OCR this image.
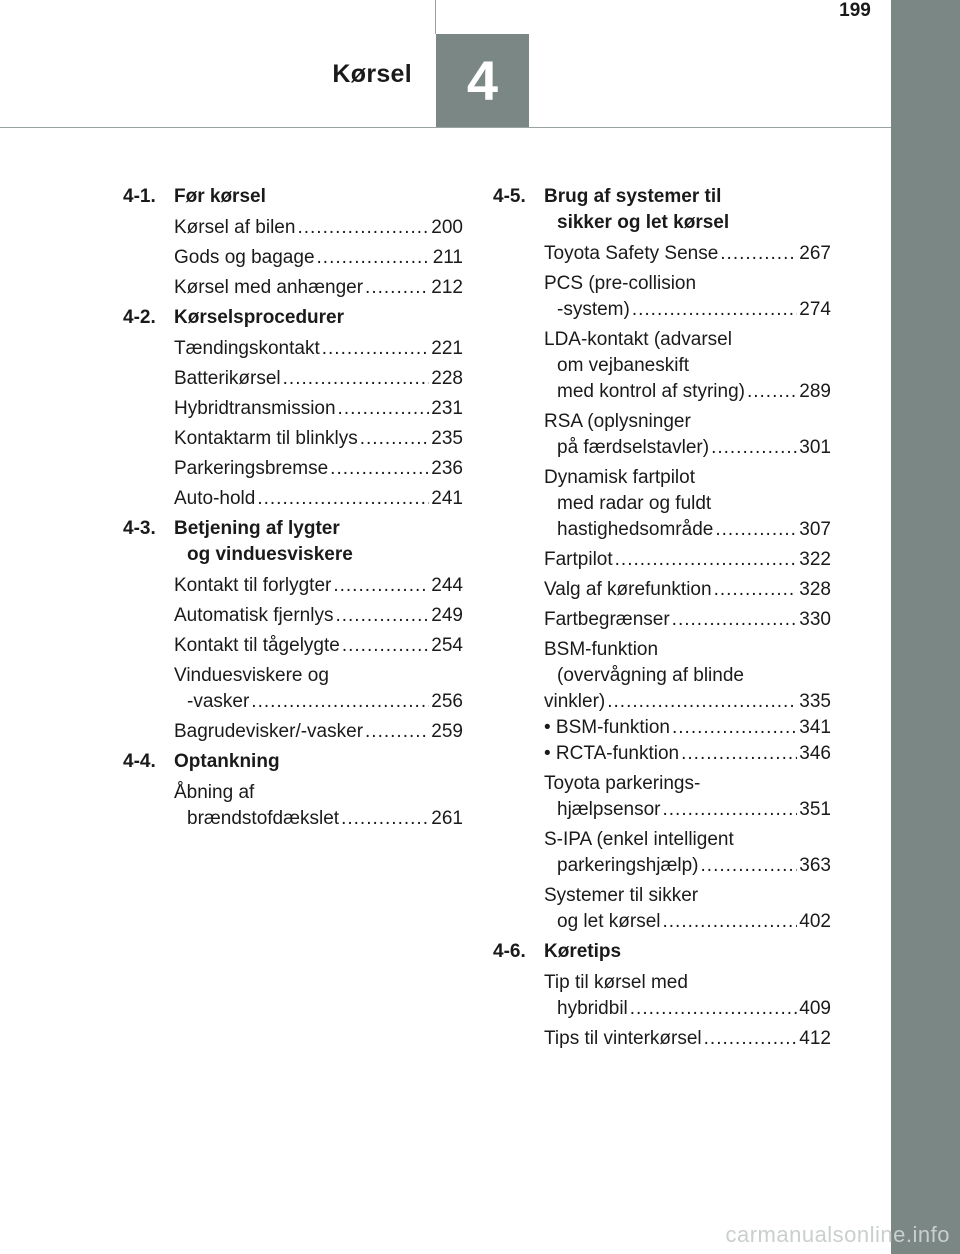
199
Kørsel 4
4-1. Før kørsel
Kørsel af bilen .....	200
Gods og bagage .....	211
Kørsel med anhænger .....	212
4-2. Kørselsprocedurer
Tændingskontakt .....	221
Batterikørsel .....	228
Hybridtransmission .....	231
Kontaktarm til blinklys .....	235
Parkeringsbremse .....	236
Auto-hold .....	241
4-3. Betjening af lygter
og vinduesviskere
Kontakt til forlygter .....	244
Automatisk fjernlys .....	249
Kontakt til tågelygte .....	254
Vinduesviskere og
-vasker .....	256
Bagrudevisker/-vasker .....	259
4-4. Optankning
Åbning af
brændstofdækslet .....	261
4-5. Brug af systemer til
sikker og let kørsel
Toyota Safety Sense .....	267
PCS (pre-collision
-system) .....	274
LDA-kontakt (advarsel
om vejbaneskift
med kontrol af styring) .....	289
RSA (oplysninger
på færdselstavler) .....	301
Dynamisk fartpilot
med radar og fuldt
hastighedsområde .....	307
Fartpilot .....	322
Valg af kørefunktion .....	328
Fartbegrænser .....	330
BSM-funktion
(overvågning af blinde
vinkler) .....	335
• BSM-funktion .....	341
• RCTA-funktion .....	346
Toyota parkerings-
hjælpsensor .....	351
S-IPA (enkel intelligent
parkeringshjælp) .....	363
Systemer til sikker
og let kørsel .....	402
4-6. Køretips
Tip til kørsel med
hybridbil .....	409
Tips til vinterkørsel .....	412
carmanualsonline.info
